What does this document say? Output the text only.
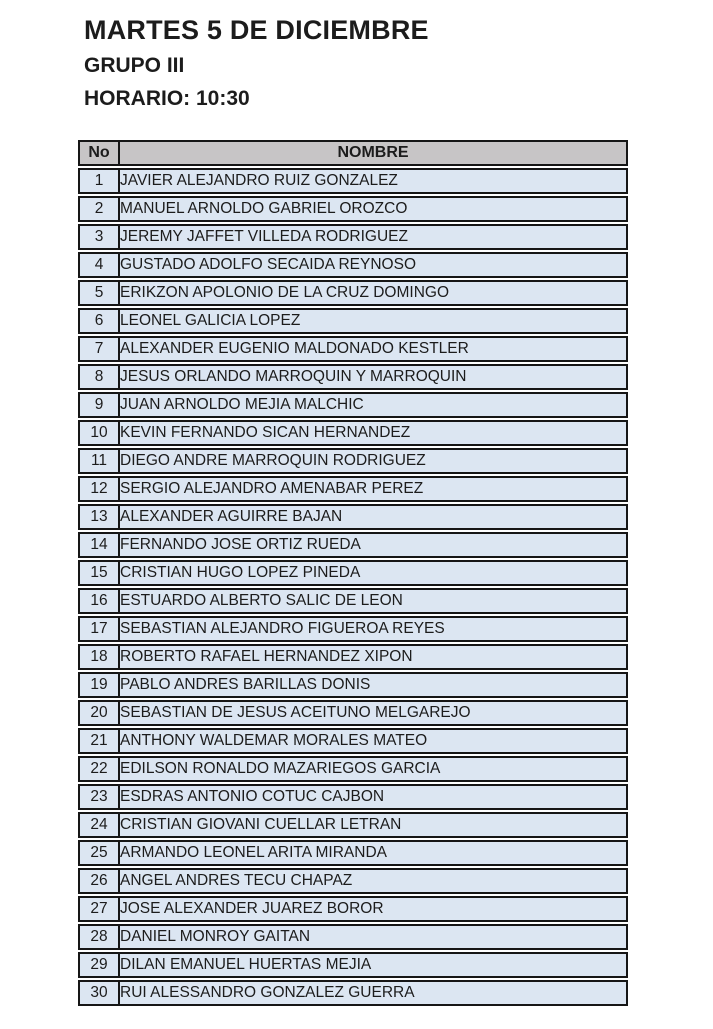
MARTES 5 DE DICIEMBRE
GRUPO III
HORARIO: 10:30
No	NOMBRE
1	JAVIER ALEJANDRO RUIZ GONZALEZ
2	MANUEL ARNOLDO GABRIEL OROZCO
3	JEREMY JAFFET VILLEDA RODRIGUEZ
4	GUSTADO ADOLFO SECAIDA REYNOSO
5	ERIKZON APOLONIO DE LA CRUZ DOMINGO
6	LEONEL GALICIA LOPEZ
7	ALEXANDER EUGENIO MALDONADO KESTLER
8	JESUS ORLANDO MARROQUIN Y MARROQUIN
9	JUAN ARNOLDO MEJIA MALCHIC
10	KEVIN FERNANDO SICAN HERNANDEZ
11	DIEGO ANDRE MARROQUIN RODRIGUEZ
12	SERGIO ALEJANDRO AMENABAR PEREZ
13	ALEXANDER AGUIRRE BAJAN
14	FERNANDO JOSE ORTIZ RUEDA
15	CRISTIAN HUGO LOPEZ PINEDA
16	ESTUARDO ALBERTO SALIC DE LEON
17	SEBASTIAN ALEJANDRO FIGUEROA REYES
18	ROBERTO RAFAEL HERNANDEZ XIPON
19	PABLO ANDRES BARILLAS DONIS
20	SEBASTIAN DE JESUS ACEITUNO MELGAREJO
21	ANTHONY WALDEMAR MORALES MATEO
22	EDILSON RONALDO MAZARIEGOS GARCIA
23	ESDRAS ANTONIO COTUC CAJBON
24	CRISTIAN GIOVANI CUELLAR LETRAN
25	ARMANDO LEONEL ARITA MIRANDA
26	ANGEL ANDRES TECU CHAPAZ
27	JOSE ALEXANDER JUAREZ BOROR
28	DANIEL MONROY GAITAN
29	DILAN EMANUEL HUERTAS MEJIA
30	RUI ALESSANDRO GONZALEZ GUERRA
